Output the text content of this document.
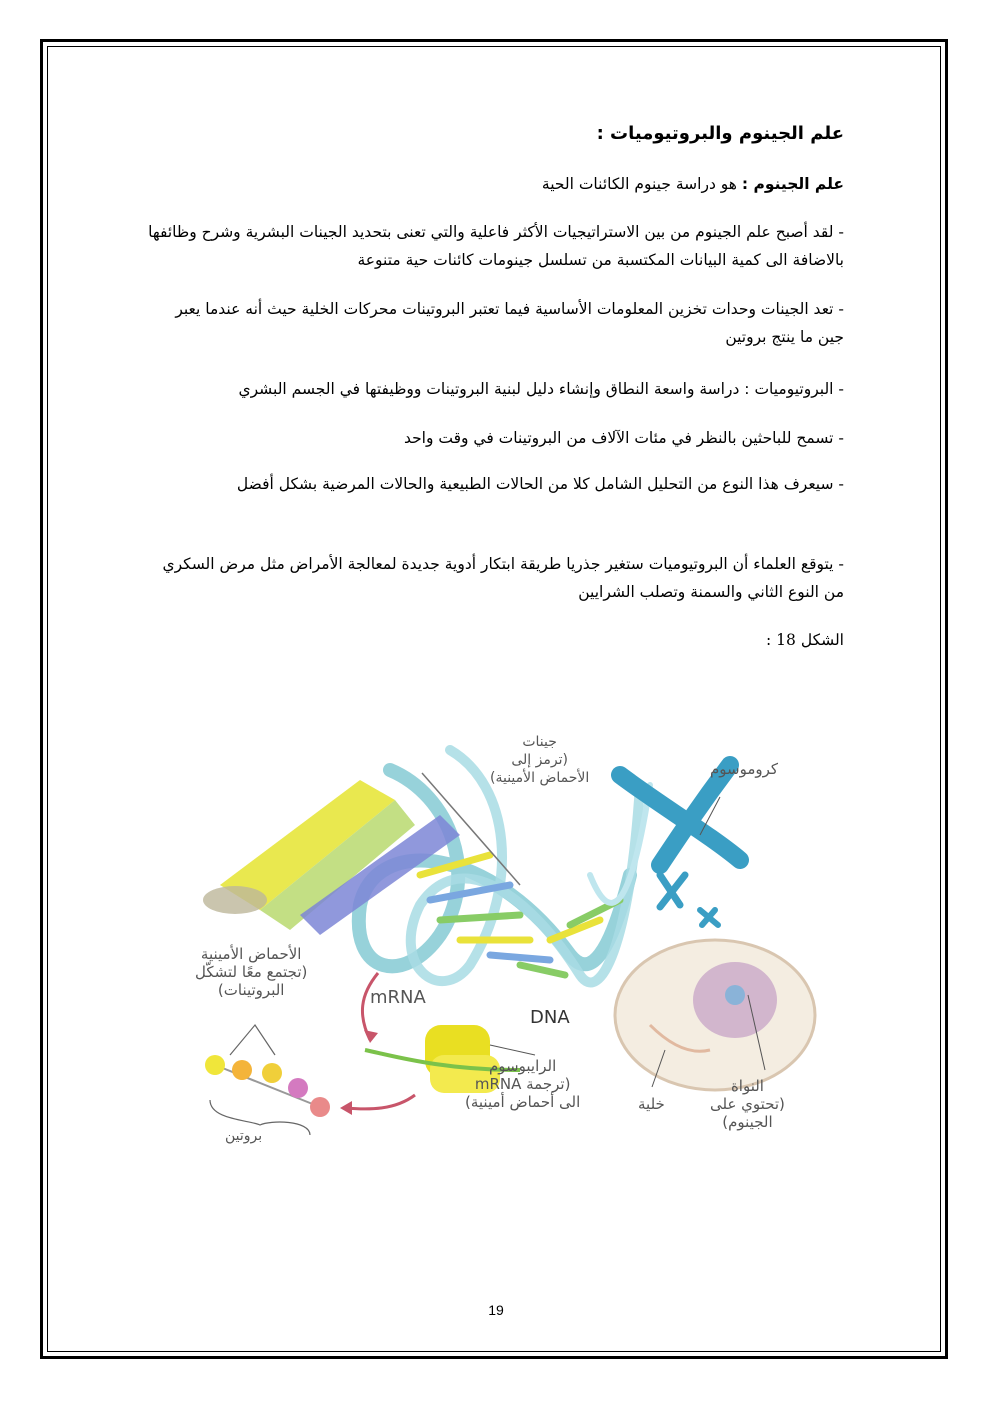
علم الجينوم والبروتيوميات :

علم الجينوم : هو دراسة جينوم الكائنات الحية

- لقد أصبح علم الجينوم من بين الاستراتيجيات الأكثر فاعلية والتي تعنى بتحديد الجينات البشرية وشرح وظائفها بالاضافة الى كمية البيانات المكتسبة من تسلسل جينومات كائنات حية متنوعة

- تعد الجينات وحدات تخزين المعلومات الأساسية فيما تعتبر البروتينات محركات الخلية حيث أنه عندما يعبر جين ما ينتج بروتين

- البروتيوميات : دراسة واسعة النطاق وإنشاء دليل لبنية البروتينات ووظيفتها في الجسم البشري

- تسمح للباحثين بالنظر في مئات الآلاف من البروتينات في وقت واحد

- سيعرف هذا النوع من التحليل الشامل كلا من الحالات الطبيعية والحالات المرضية بشكل أفضل

- يتوقع العلماء أن البروتيوميات ستغير جذريا طريقة ابتكار أدوية جديدة لمعالجة الأمراض مثل مرض السكري من النوع الثاني والسمنة وتصلب الشرايين

الشكل 18 :

جينات
(ترمز إلى
الأحماض الأمينية)	كروموسوم
الأحماض الأمينية
(تجتمع معًا لتشكّل
البروتينات)	mRNA
DNA
الرايبوسوم
(ترجمة mRNA
الى أحماض أمينية)	خلية
النواة
(تحتوي على
الجينوم)
بروتين
19
